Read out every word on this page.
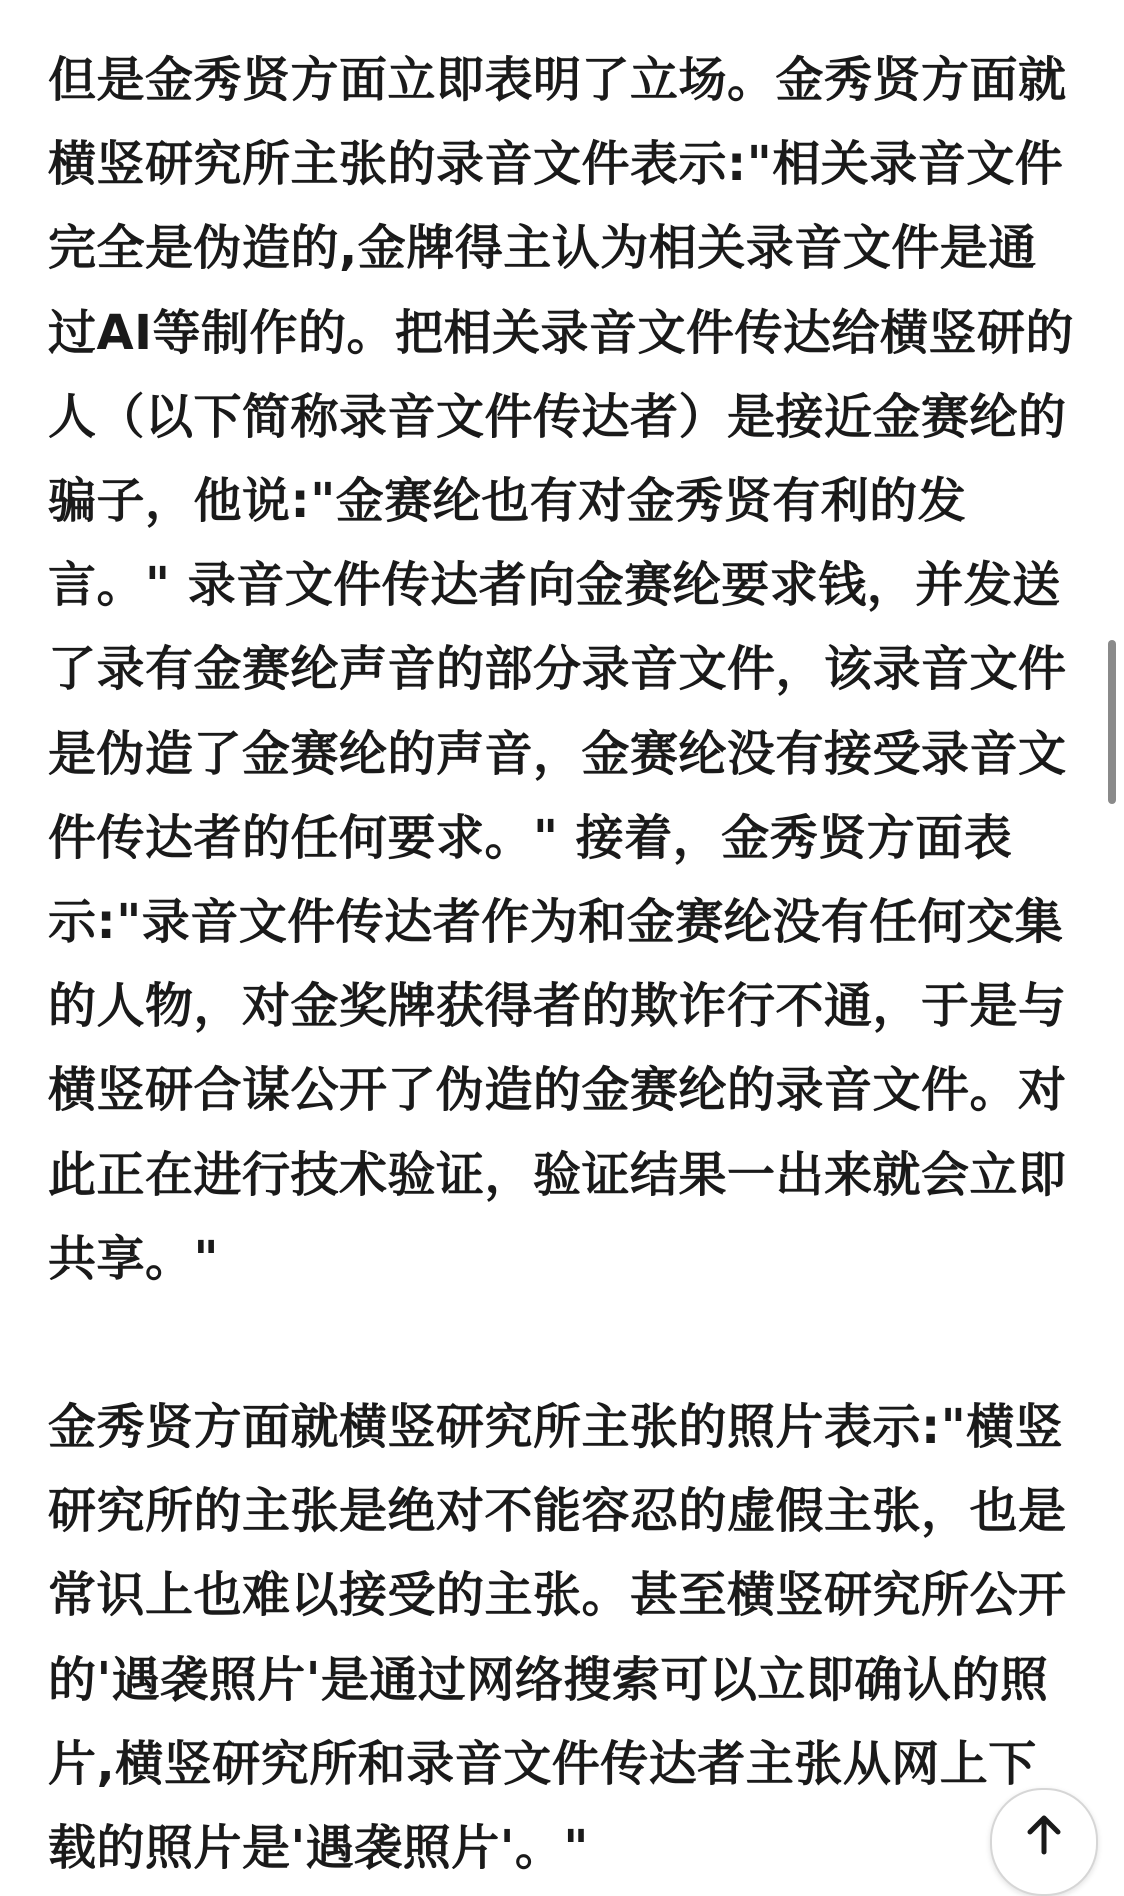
但是金秀贤方面立即表明了立场。金秀贤方面就横竖研究所主张的录音文件表示:"相关录音文件完全是伪造的,金牌得主认为相关录音文件是通过AI等制作的。把相关录音文件传达给横竖研的人（以下简称录音文件传达者）是接近金赛纶的骗子，他说:"金赛纶也有对金秀贤有利的发言。" 录音文件传达者向金赛纶要求钱，并发送了录有金赛纶声音的部分录音文件，该录音文件是伪造了金赛纶的声音，金赛纶没有接受录音文件传达者的任何要求。" 接着，金秀贤方面表示:"录音文件传达者作为和金赛纶没有任何交集的人物，对金奖牌获得者的欺诈行不通，于是与横竖研合谋公开了伪造的金赛纶的录音文件。对此正在进行技术验证，验证结果一出来就会立即共享。"

金秀贤方面就横竖研究所主张的照片表示:"横竖研究所的主张是绝对不能容忍的虚假主张，也是常识上也难以接受的主张。甚至横竖研究所公开的'遇袭照片'是通过网络搜索可以立即确认的照片,横竖研究所和录音文件传达者主张从网上下载的照片是'遇袭照片'。"
